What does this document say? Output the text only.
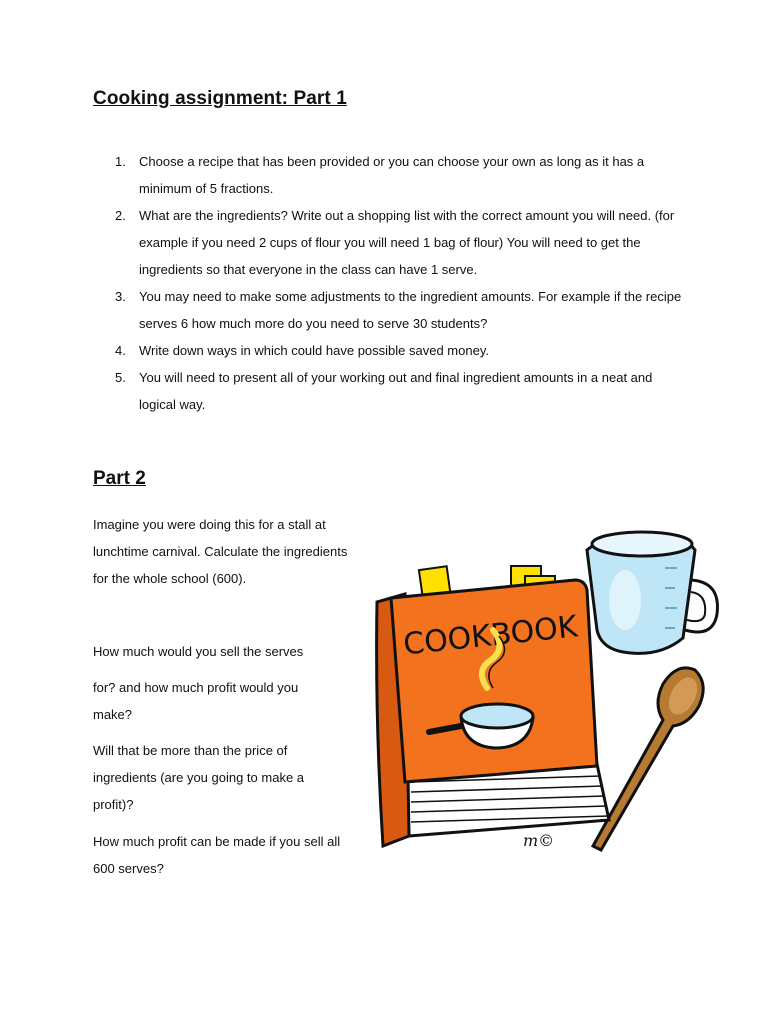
Cooking assignment: Part 1
1. Choose a recipe that has been provided or you can choose your own as long as it has a minimum of 5 fractions.
2. What are the ingredients? Write out a shopping list with the correct amount you will need. (for example if you need 2 cups of flour you will need 1 bag of flour) You will need to get the ingredients so that everyone in the class can have 1 serve.
3. You may need to make some adjustments to the ingredient amounts. For example if the recipe serves 6 how much more do you need to serve 30 students?
4. Write down ways in which could have possible saved money.
5. You will need to present all of your working out and final ingredient amounts in a neat and logical way.
Part 2

Imagine you were doing this for a stall at lunchtime carnival. Calculate the ingredients for the whole school (600).

How much would you sell the serves

for? and how much profit would you make?

Will that be more than the price of ingredients (are you going to make a profit)?

How much profit can be made if you sell all 600 serves?

COOKBOOK
m©
